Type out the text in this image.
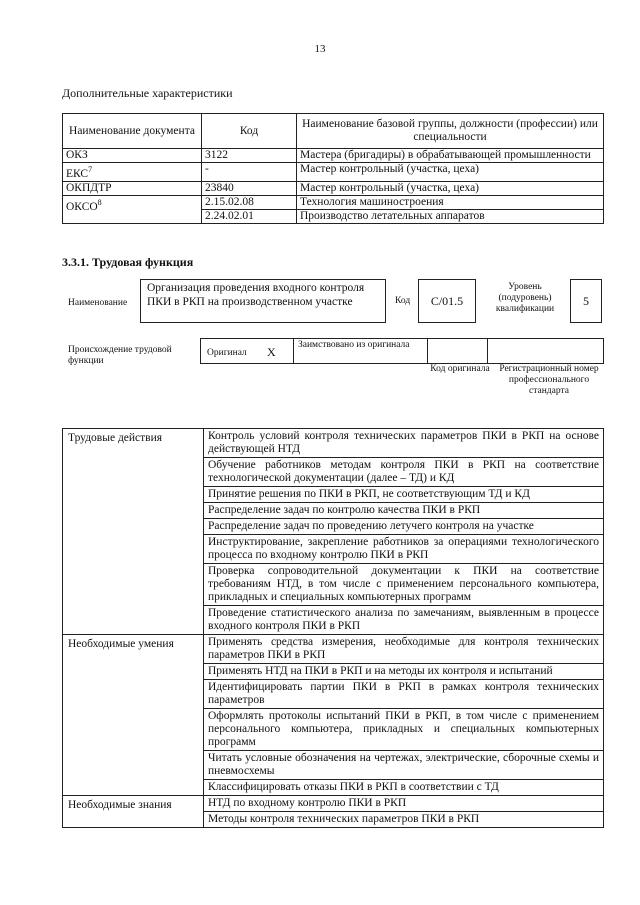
13
Дополнительные характеристики
Наименование документа	Код	Наименование базовой группы, должности (профессии) или специальности
ОКЗ	3122	Мастера (бригадиры) в обрабатывающей промышленности
ЕКС$^7$	-	Мастер контрольный (участка, цеха)
ОКПДТР	23840	Мастер контрольный (участка, цеха)
ОКСО$^8$	2.15.02.08	Технология машиностроения
	2.24.02.01	Производство летательных аппаратов
3.3.1. Трудовая функция
Наименование
Организация проведения входного контроля ПКИ в РКП на производственном участке	Код	С/01.5
Уровень (подуровень) квалификации
5
Происхождение трудовой функции
Оригинал X Заимствовано из оригинала
Код оригинала	Регистрационный номер профессионального стандарта
Трудовые действия	Контроль условий контроля технических параметров ПКИ в РКП на основе действующей НТД
	Обучение работников методам контроля ПКИ в РКП на соответствие технологической документации (далее – ТД) и КД
	Принятие решения по ПКИ в РКП, не соответствующим ТД и КД
	Распределение задач по контролю качества ПКИ в РКП
	Распределение задач по проведению летучего контроля на участке
	Инструктирование, закрепление работников за операциями технологического процесса по входному контролю ПКИ в РКП
	Проверка сопроводительной документации к ПКИ на соответствие требованиям НТД, в том числе с применением персонального компьютера, прикладных и специальных компьютерных программ
	Проведение статистического анализа по замечаниям, выявленным в процессе входного контроля ПКИ в РКП
Необходимые умения	Применять средства измерения, необходимые для контроля технических параметров ПКИ в РКП
	Применять НТД на ПКИ в РКП и на методы их контроля и испытаний
	Идентифицировать партии ПКИ в РКП в рамках контроля технических параметров
	Оформлять протоколы испытаний ПКИ в РКП, в том числе с применением персонального компьютера, прикладных и специальных компьютерных программ
	Читать условные обозначения на чертежах, электрические, сборочные схемы и пневмосхемы
	Классифицировать отказы ПКИ в РКП в соответствии с ТД
Необходимые знания	НТД по входному контролю ПКИ в РКП
	Методы контроля технических параметров ПКИ в РКП
